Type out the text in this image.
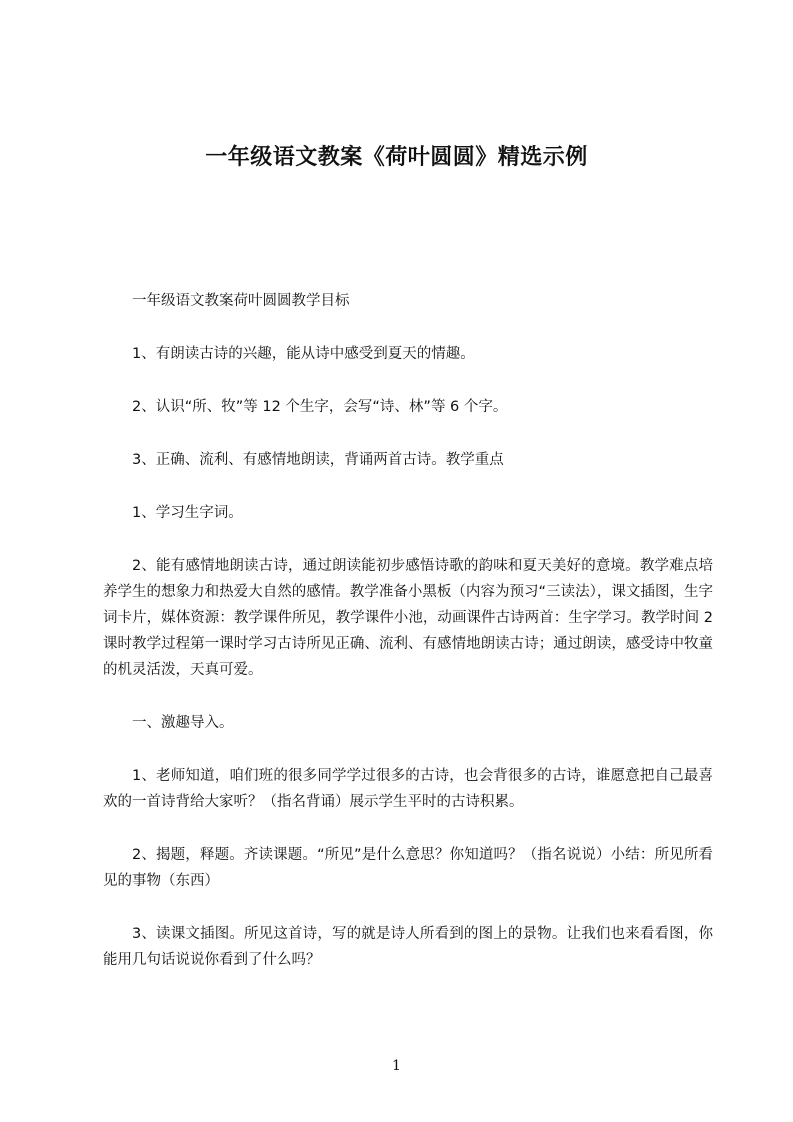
一年级语文教案《荷叶圆圆》精选示例

一年级语文教案荷叶圆圆教学目标

1、有朗读古诗的兴趣，能从诗中感受到夏天的情趣。

2、认识“所、牧”等 12 个生字，会写“诗、林”等 6 个字。

3、正确、流利、有感情地朗读，背诵两首古诗。教学重点

1、学习生字词。

2、能有感情地朗读古诗，通过朗读能初步感悟诗歌的韵味和夏天美好的意境。教学难点培养学生的想象力和热爱大自然的感情。教学准备小黑板（内容为预习“三读法），课文插图，生字词卡片，媒体资源：教学课件所见，教学课件小池，动画课件古诗两首：生字学习。教学时间 2 课时教学过程第一课时学习古诗所见正确、流利、有感情地朗读古诗；通过朗读，感受诗中牧童的机灵活泼，天真可爱。

一、激趣导入。

1、老师知道，咱们班的很多同学学过很多的古诗，也会背很多的古诗，谁愿意把自己最喜欢的一首诗背给大家听？（指名背诵）展示学生平时的古诗积累。

2、揭题，释题。齐读课题。“所见”是什么意思？你知道吗？（指名说说）小结：所见所看见的事物（东西）

3、读课文插图。所见这首诗，写的就是诗人所看到的图上的景物。让我们也来看看图，你能用几句话说说你看到了什么吗？

1
